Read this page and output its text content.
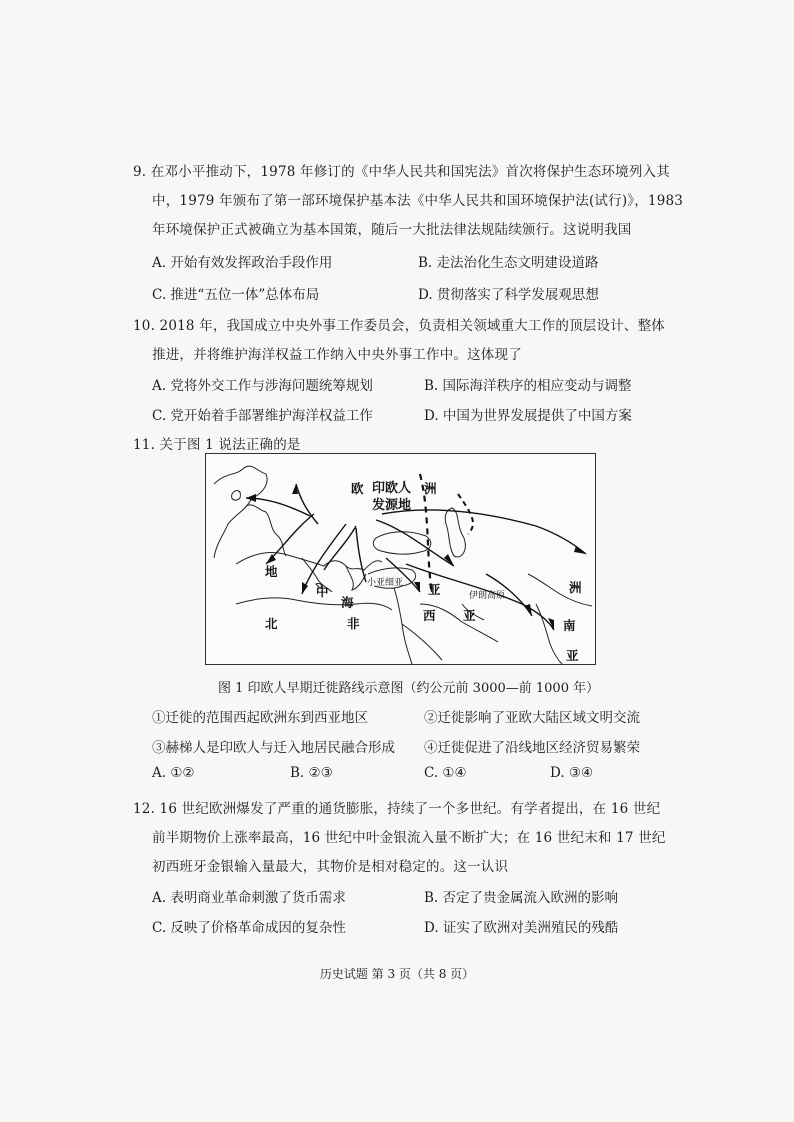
9. 在邓小平推动下，1978 年修订的《中华人民共和国宪法》首次将保护生态环境列入其
中，1979 年颁布了第一部环境保护基本法《中华人民共和国环境保护法(试行)》，1983
年环境保护正式被确立为基本国策，随后一大批法律法规陆续颁行。这说明我国
A. 开始有效发挥政治手段作用	B. 走法治化生态文明建设道路
C. 推进“五位一体”总体布局	D. 贯彻落实了科学发展观思想
10. 2018 年，我国成立中央外事工作委员会，负责相关领域重大工作的顶层设计、整体
推进，并将维护海洋权益工作纳入中央外事工作中。这体现了
A. 党将外交工作与涉海问题统筹规划	B. 国际海洋秩序的相应变动与调整
C. 党开始着手部署维护海洋权益工作	D. 中国为世界发展提供了中国方案
11. 关于图 1 说法正确的是
欧	洲
印欧人
发源地
地
中
海
小亚细亚 亚	伊朗高原
洲
西 亚
南
亚
北	非
图 1 印欧人早期迁徙路线示意图（约公元前 3000—前 1000 年）
①迁徙的范围西起欧洲东到西亚地区	②迁徙影响了亚欧大陆区域文明交流
③赫梯人是印欧人与迁入地居民融合形成 ④迁徙促进了沿线地区经济贸易繁荣
A. ①②	B. ②③	C. ①④	D. ③④
12. 16 世纪欧洲爆发了严重的通货膨胀，持续了一个多世纪。有学者提出，在 16 世纪
前半期物价上涨率最高，16 世纪中叶金银流入量不断扩大；在 16 世纪末和 17 世纪
初西班牙金银输入量最大，其物价是相对稳定的。这一认识
A. 表明商业革命刺激了货币需求	B. 否定了贵金属流入欧洲的影响
C. 反映了价格革命成因的复杂性	D. 证实了欧洲对美洲殖民的残酷
历史试题 第 3 页（共 8 页）
